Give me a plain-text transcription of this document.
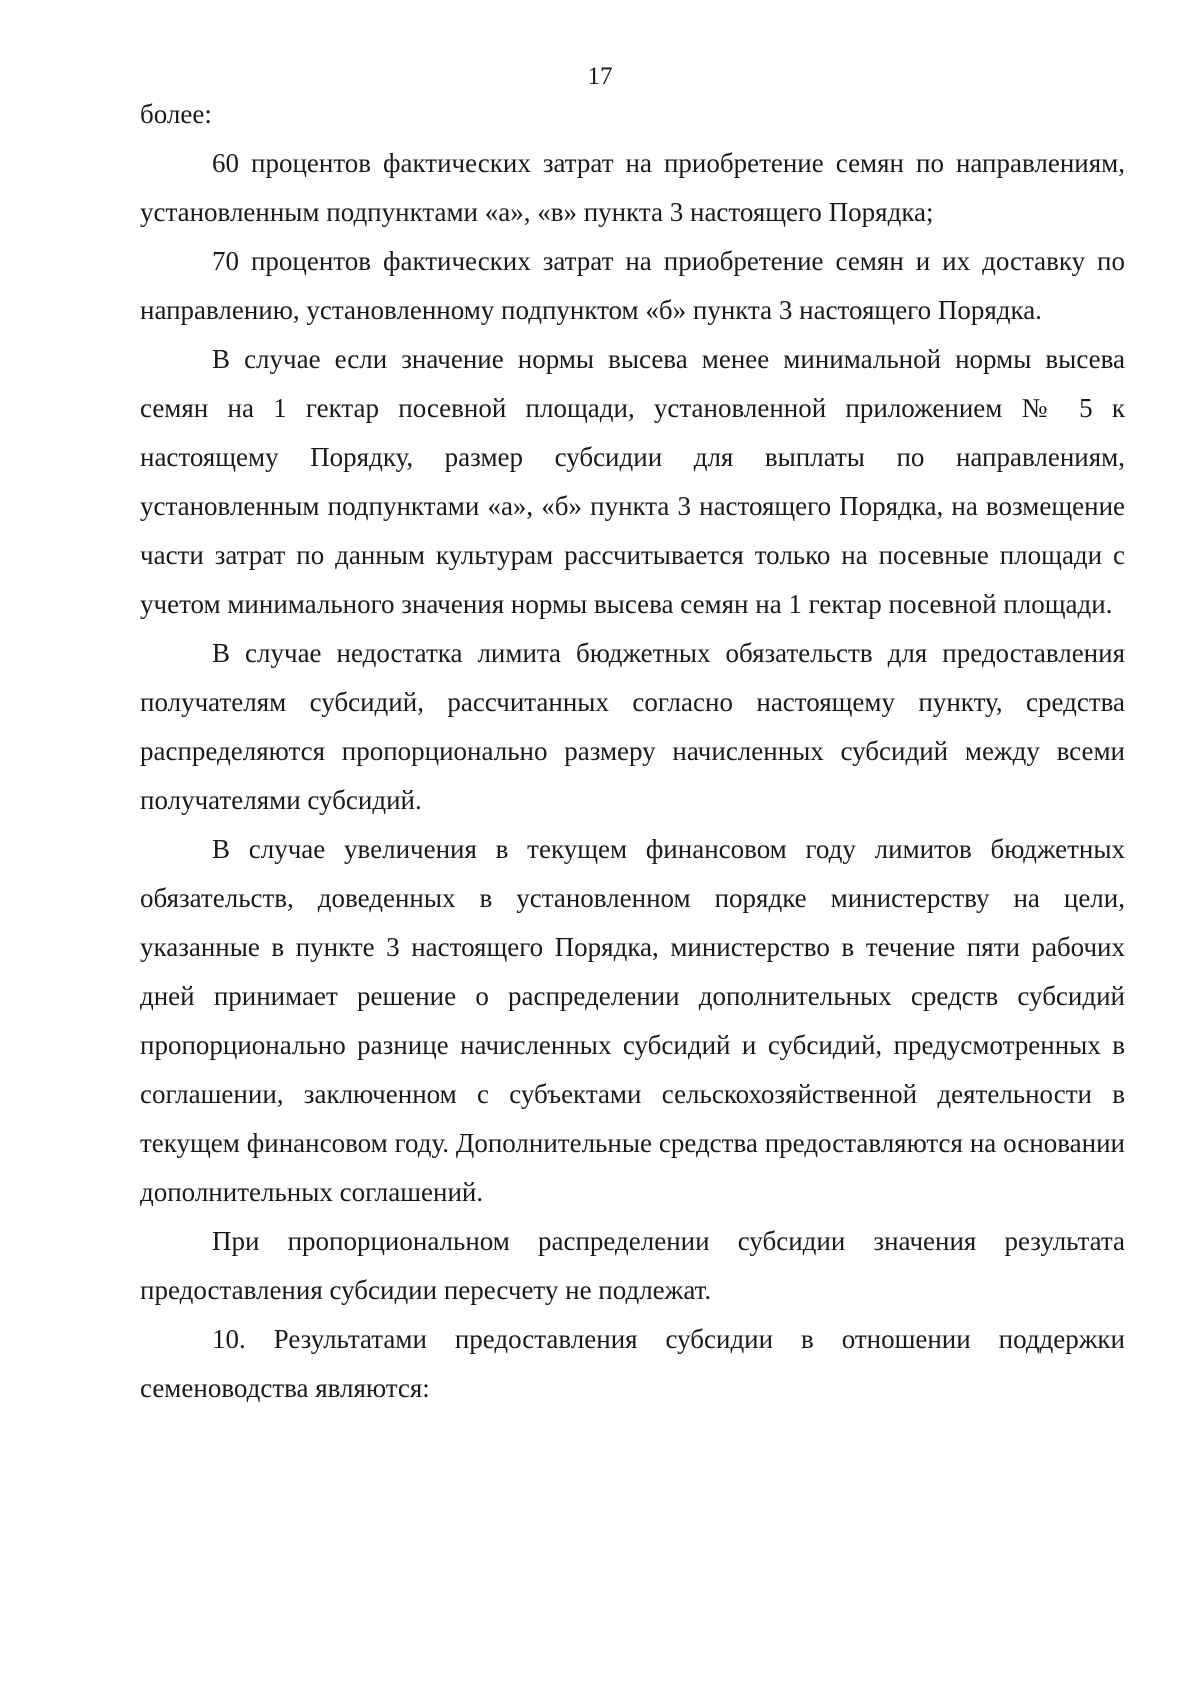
17

более:

60 процентов фактических затрат на приобретение семян по направлениям, установленным подпунктами «а», «в» пункта 3 настоящего Порядка;

70 процентов фактических затрат на приобретение семян и их доставку по направлению, установленному подпунктом «б» пункта 3 настоящего Порядка.

В случае если значение нормы высева менее минимальной нормы высева семян на 1 гектар посевной площади, установленной приложением № 5 к настоящему Порядку, размер субсидии для выплаты по направлениям, установленным подпунктами «а», «б» пункта 3 настоящего Порядка, на возмещение части затрат по данным культурам рассчитывается только на посевные площади с учетом минимального значения нормы высева семян на 1 гектар посевной площади.

В случае недостатка лимита бюджетных обязательств для предоставления получателям субсидий, рассчитанных согласно настоящему пункту, средства распределяются пропорционально размеру начисленных субсидий между всеми получателями субсидий.

В случае увеличения в текущем финансовом году лимитов бюджетных обязательств, доведенных в установленном порядке министерству на цели, указанные в пункте 3 настоящего Порядка, министерство в течение пяти рабочих дней принимает решение о распределении дополнительных средств субсидий пропорционально разнице начисленных субсидий и субсидий, предусмотренных в соглашении, заключенном с субъектами сельскохозяйственной деятельности в текущем финансовом году. Дополнительные средства предоставляются на основании дополнительных соглашений.

При пропорциональном распределении субсидии значения результата предоставления субсидии пересчету не подлежат.

10. Результатами предоставления субсидии в отношении поддержки семеноводства являются:
